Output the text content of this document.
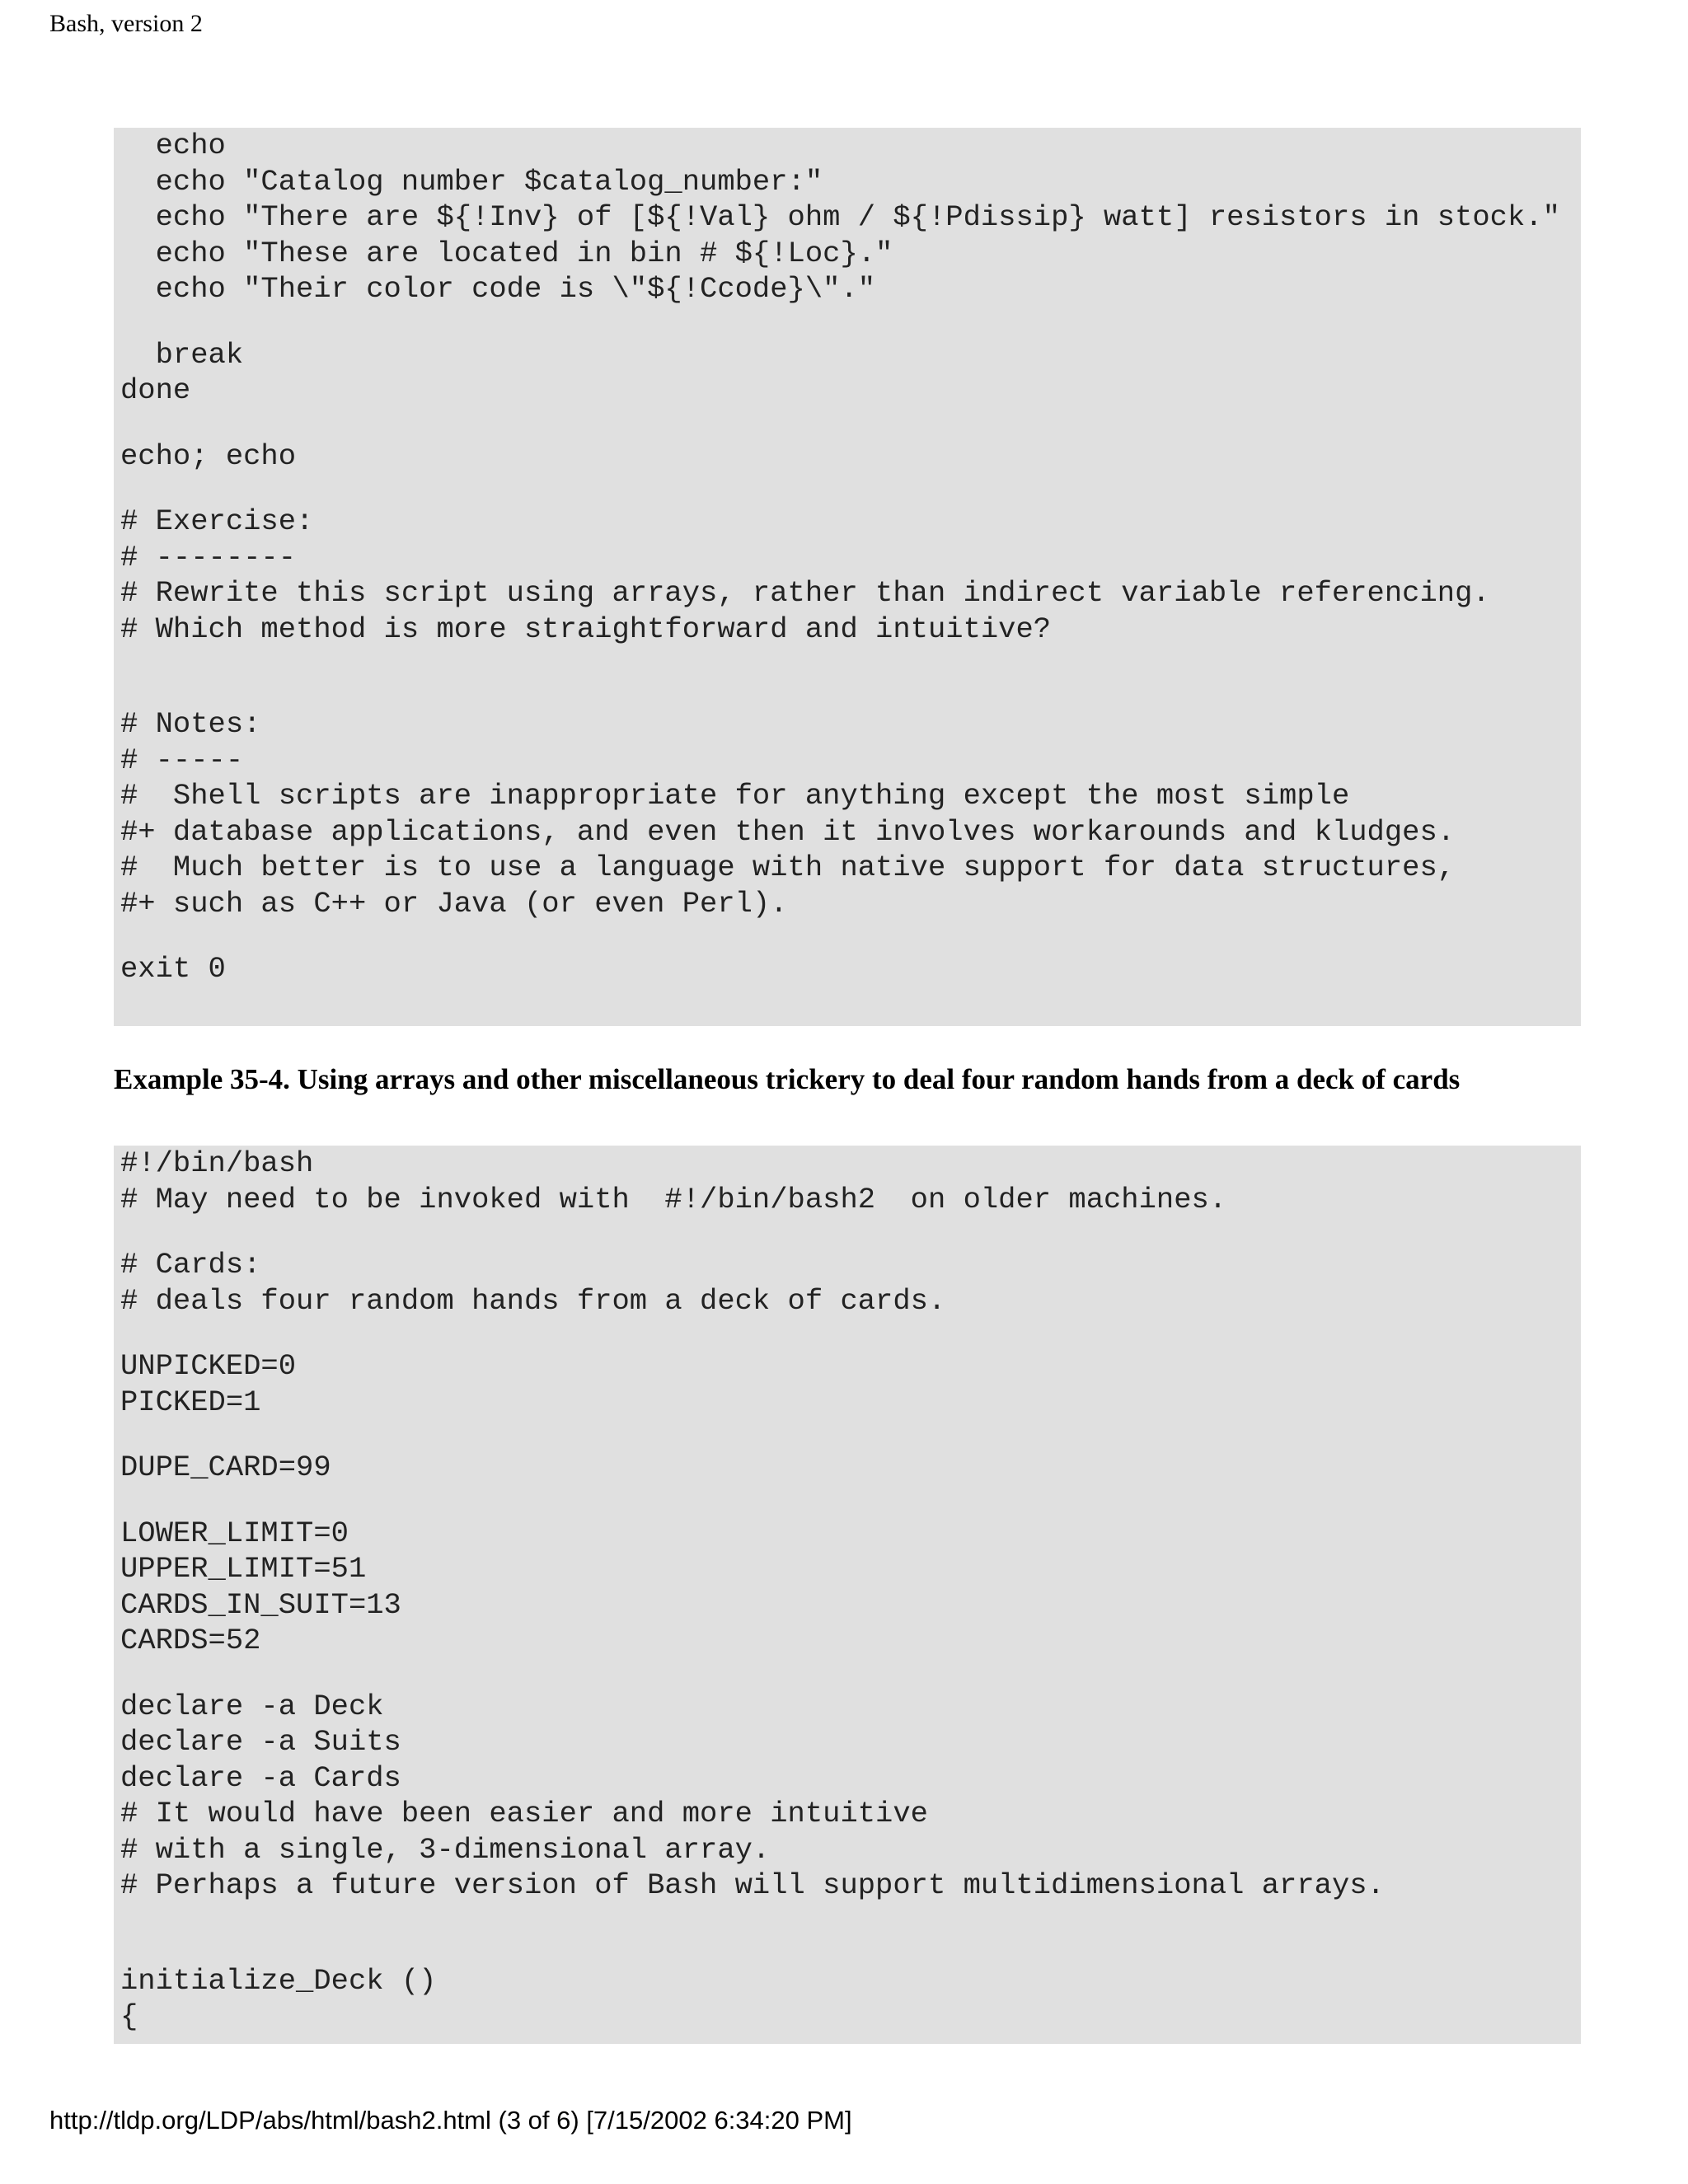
Bash, version 2
echo
echo "Catalog number $catalog_number:"
echo "There are ${!Inv} of [${!Val} ohm / ${!Pdissip} watt] resistors in stock."
echo "These are located in bin # ${!Loc}."
echo "Their color code is \"${!Ccode}\"."
break
done
echo; echo
# Exercise:
# --------
# Rewrite this script using arrays, rather than indirect variable referencing.
# Which method is more straightforward and intuitive?
# Notes:
# -----
#  Shell scripts are inappropriate for anything except the most simple
#+ database applications, and even then it involves workarounds and kludges.
#  Much better is to use a language with native support for data structures,
#+ such as C++ or Java (or even Perl).
exit 0
Example 35-4. Using arrays and other miscellaneous trickery to deal four random hands from a deck of cards
#!/bin/bash
# May need to be invoked with  #!/bin/bash2  on older machines.
# Cards:
# deals four random hands from a deck of cards.
UNPICKED=0
PICKED=1
DUPE_CARD=99
LOWER_LIMIT=0
UPPER_LIMIT=51
CARDS_IN_SUIT=13
CARDS=52
declare -a Deck
declare -a Suits
declare -a Cards
# It would have been easier and more intuitive
# with a single, 3-dimensional array.
# Perhaps a future version of Bash will support multidimensional arrays.
initialize_Deck ()
{
http://tldp.org/LDP/abs/html/bash2.html (3 of 6) [7/15/2002 6:34:20 PM]
